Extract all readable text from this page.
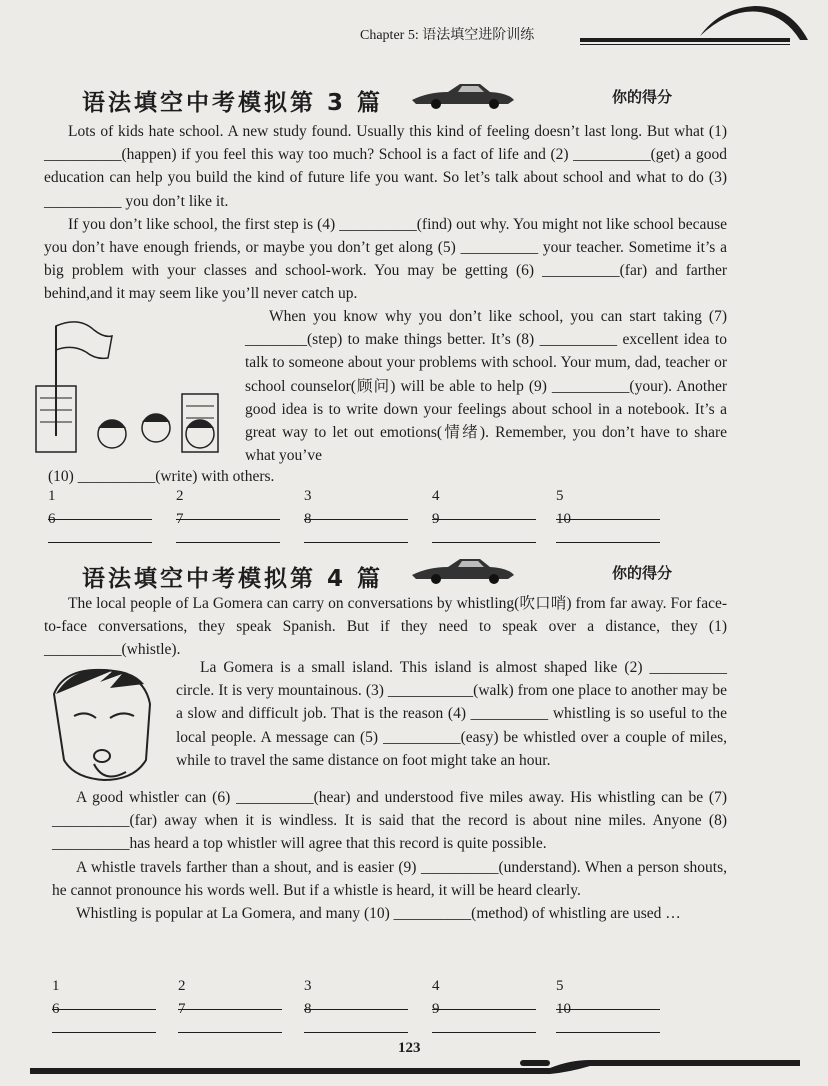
Chapter 5: 语法填空进阶训练
语法填空中考模拟第 3 篇	你的得分

Lots of kids hate school. A new study found. Usually this kind of feeling doesn’t last long. But what (1) __________(happen) if you feel this way too much? School is a fact of life and (2) __________(get) a good education can help you build the kind of future life you want. So let’s talk about school and what to do (3) __________ you don’t like it.

If you don’t like school, the first step is (4) __________(find) out why. You might not like school because you don’t have enough friends, or maybe you don’t get along (5) __________ your teacher. Sometime it’s a big problem with your classes and school-work. You may be getting (6) __________(far) and farther behind,and it may seem like you’ll never catch up.

When you know why you don’t like school, you can start taking (7) ________(step) to make things better. It’s (8) __________ excellent idea to talk to someone about your problems with school. Your mum, dad, teacher or school counselor(顾问) will be able to help (9) __________(your). Another good idea is to write down your feelings about school in a notebook. It’s a great way to let out emotions(情绪). Remember, you don’t have to share what you’ve

(10) __________(write) with others.

1	2	3	4	5
6	7	8	9	10
语法填空中考模拟第 4 篇	你的得分

The local people of La Gomera can carry on conversations by whistling(吹口哨) from far away. For face-to-face conversations, they speak Spanish. But if they need to speak over a distance, they (1) __________(whistle).

La Gomera is a small island. This island is almost shaped like (2) __________ circle. It is very mountainous. (3) ___________(walk) from one place to another may be a slow and difficult job. That is the reason (4) __________ whistling is so useful to the local people. A message can (5) __________(easy) be whistled over a couple of miles, while to travel the same distance on foot might take an hour.

A good whistler can (6) __________(hear) and understood five miles away. His whistling can be (7) __________(far) away when it is windless. It is said that the record is about nine miles. Anyone (8) __________has heard a top whistler will agree that this record is quite possible.

A whistle travels farther than a shout, and is easier (9) __________(understand). When a person shouts, he cannot pronounce his words well. But if a whistle is heard, it will be heard clearly.

Whistling is popular at La Gomera, and many (10) __________(method) of whistling are used …

1	2	3	4	5
6	7	8	9	10
123
